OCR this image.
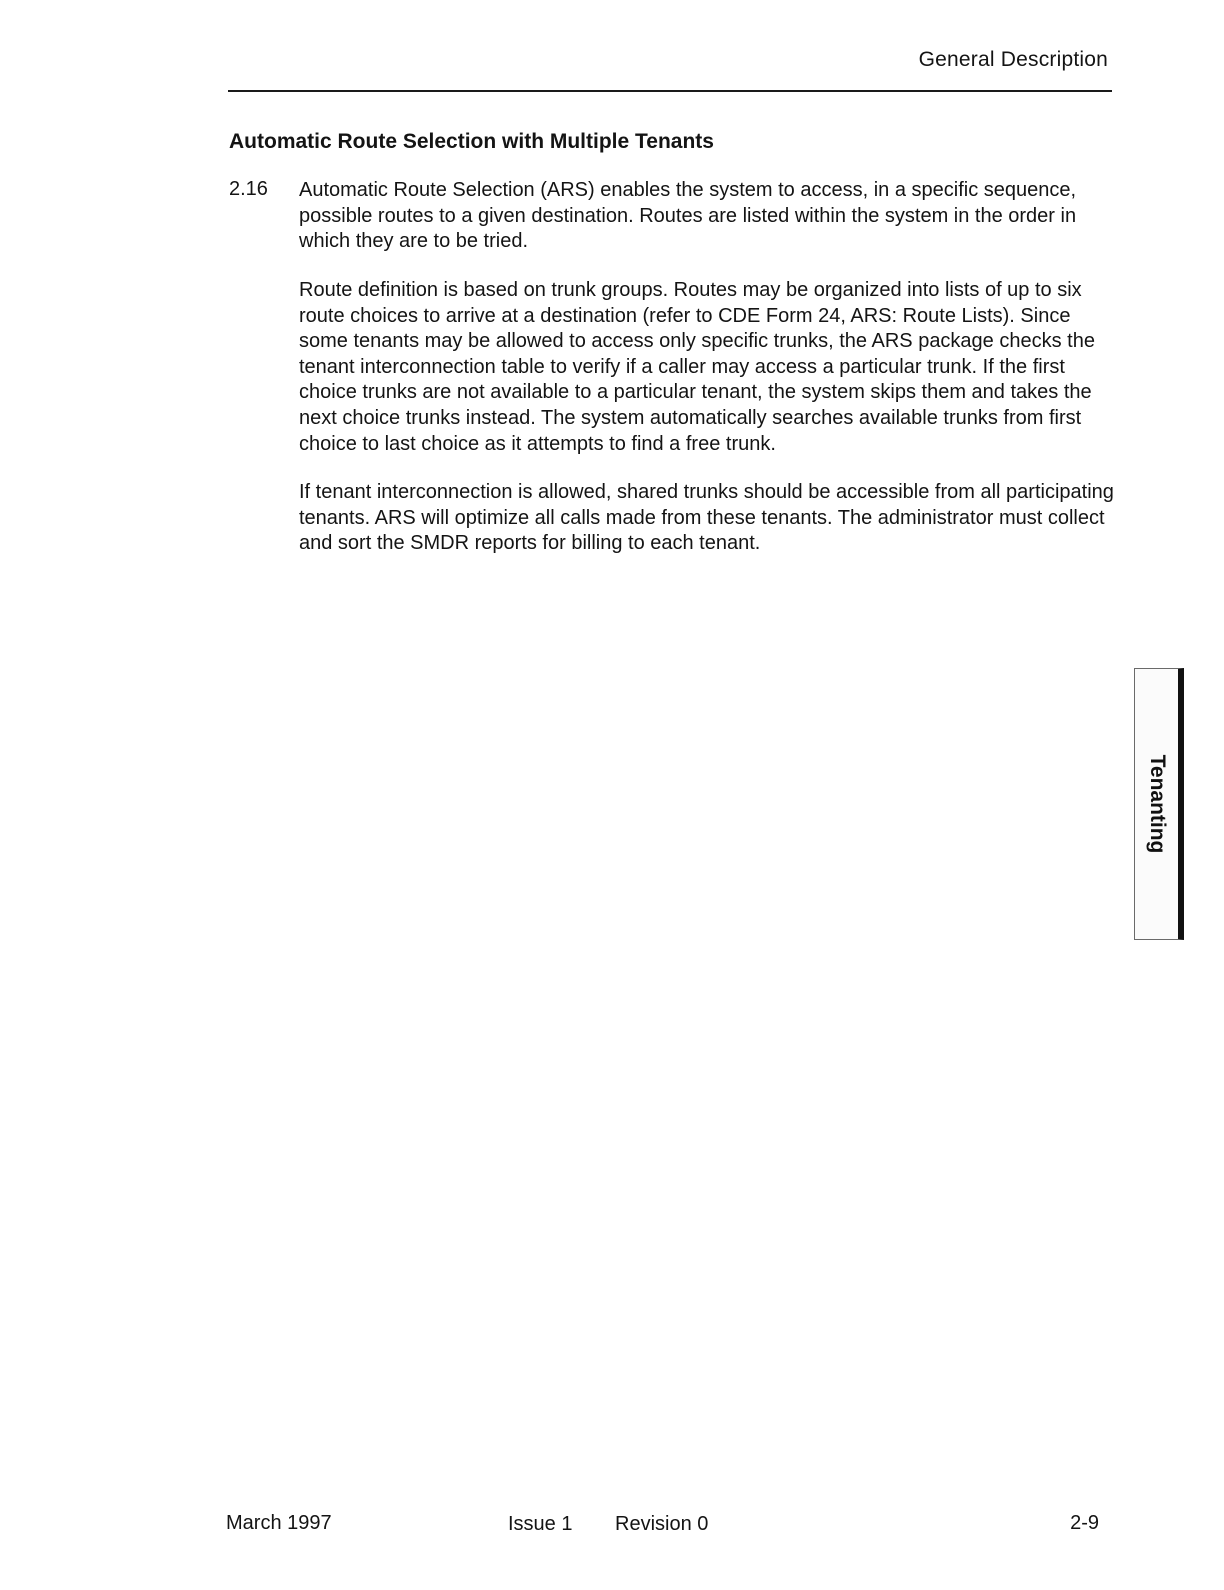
General Description
Automatic Route Selection with Multiple Tenants
2.16 Automatic Route Selection (ARS) enables the system to access, in a specific sequence, possible routes to a given destination. Routes are listed within the system in the order in which they are to be tried.

Route definition is based on trunk groups. Routes may be organized into lists of up to six route choices to arrive at a destination (refer to CDE Form 24, ARS: Route Lists). Since some tenants may be allowed to access only specific trunks, the ARS package checks the tenant interconnection table to verify if a caller may access a particular trunk. If the first choice trunks are not available to a particular tenant, the system skips them and takes the next choice trunks instead. The system automatically searches available trunks from first choice to last choice as it attempts to find a free trunk.

If tenant interconnection is allowed, shared trunks should be accessible from all participating tenants. ARS will optimize all calls made from these tenants. The administrator must collect and sort the SMDR reports for billing to each tenant.

Tenanting
March 1997	Issue 1 Revision 0	2-9
